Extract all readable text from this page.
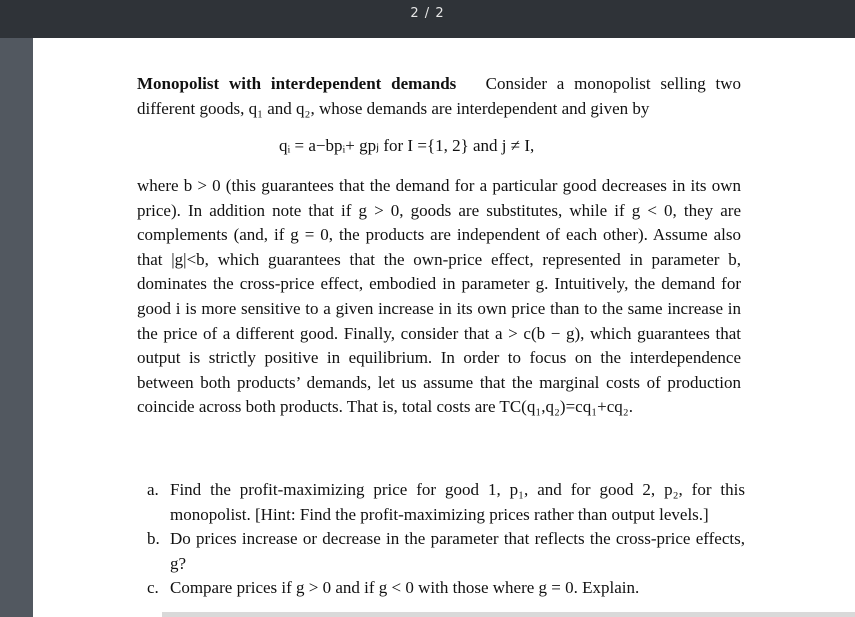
2 / 2
Monopolist with interdependent demands Consider a monopolist selling two different goods, q₁ and q₂, whose demands are interdependent and given by
qᵢ = a−bpᵢ+ gpⱼ for I ={1, 2} and j ≠ I,
where b > 0 (this guarantees that the demand for a particular good decreases in its own price). In addition note that if g > 0, goods are substitutes, while if g < 0, they are complements (and, if g = 0, the products are independent of each other). Assume also that |g|<b, which guarantees that the own-price effect, represented in parameter b, dominates the cross-price effect, embodied in parameter g. Intuitively, the demand for good i is more sensitive to a given increase in its own price than to the same increase in the price of a different good. Finally, consider that a > c(b − g), which guarantees that output is strictly positive in equilibrium. In order to focus on the interdependence between both products’ demands, let us assume that the marginal costs of production coincide across both products. That is, total costs are TC(q₁,q₂)=cq₁+cq₂.
a. Find the profit-maximizing price for good 1, p₁, and for good 2, p₂, for this monopolist. [Hint: Find the profit-maximizing prices rather than output levels.]
b. Do prices increase or decrease in the parameter that reflects the cross-price effects, g?
c. Compare prices if g > 0 and if g < 0 with those where g = 0. Explain.
